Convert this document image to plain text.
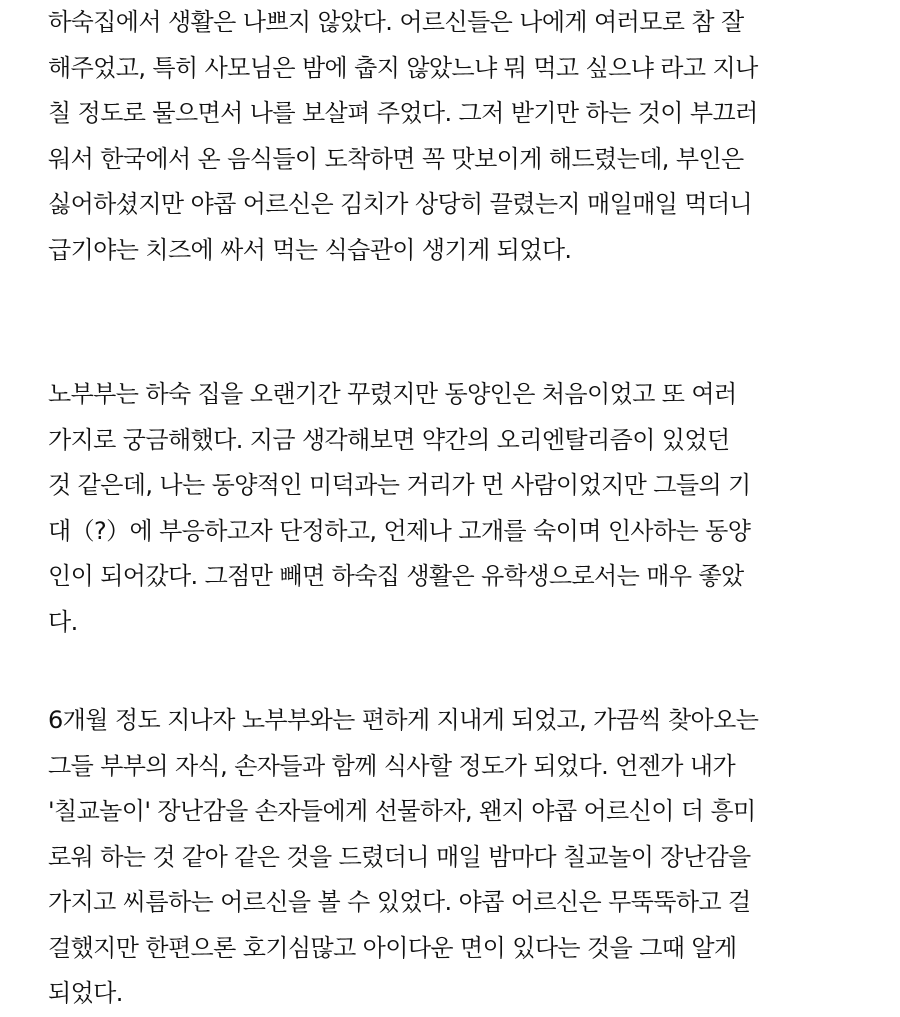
하숙집에서 생활은 나쁘지 않았다. 어르신들은 나에게 여러모로 참 잘
해주었고, 특히 사모님은 밤에 춥지 않았느냐 뭐 먹고 싶으냐 라고 지나
칠 정도로 물으면서 나를 보살펴 주었다. 그저 받기만 하는 것이 부끄러
워서 한국에서 온 음식들이 도착하면 꼭 맛보이게 해드렸는데, 부인은
싫어하셨지만 야콥 어르신은 김치가 상당히 끌렸는지 매일매일 먹더니
급기야는 치즈에 싸서 먹는 식습관이 생기게 되었다.

노부부는 하숙 집을 오랜기간 꾸렸지만 동양인은 처음이었고 또 여러
가지로 궁금해했다. 지금 생각해보면 약간의 오리엔탈리즘이 있었던
것 같은데, 나는 동양적인 미덕과는 거리가 먼 사람이었지만 그들의 기
대（?）에 부응하고자 단정하고, 언제나 고개를 숙이며 인사하는 동양
인이 되어갔다. 그점만 빼면 하숙집 생활은 유학생으로서는 매우 좋았
다.

6개월 정도 지나자 노부부와는 편하게 지내게 되었고, 가끔씩 찾아오는
그들 부부의 자식, 손자들과 함께 식사할 정도가 되었다. 언젠가 내가
'칠교놀이' 장난감을 손자들에게 선물하자, 왠지 야콥 어르신이 더 흥미
로워 하는 것 같아 같은 것을 드렸더니 매일 밤마다 칠교놀이 장난감을
가지고 씨름하는 어르신을 볼 수 있었다. 야콥 어르신은 무뚝뚝하고 걸
걸했지만 한편으론 호기심많고 아이다운 면이 있다는 것을 그때 알게
되었다.
